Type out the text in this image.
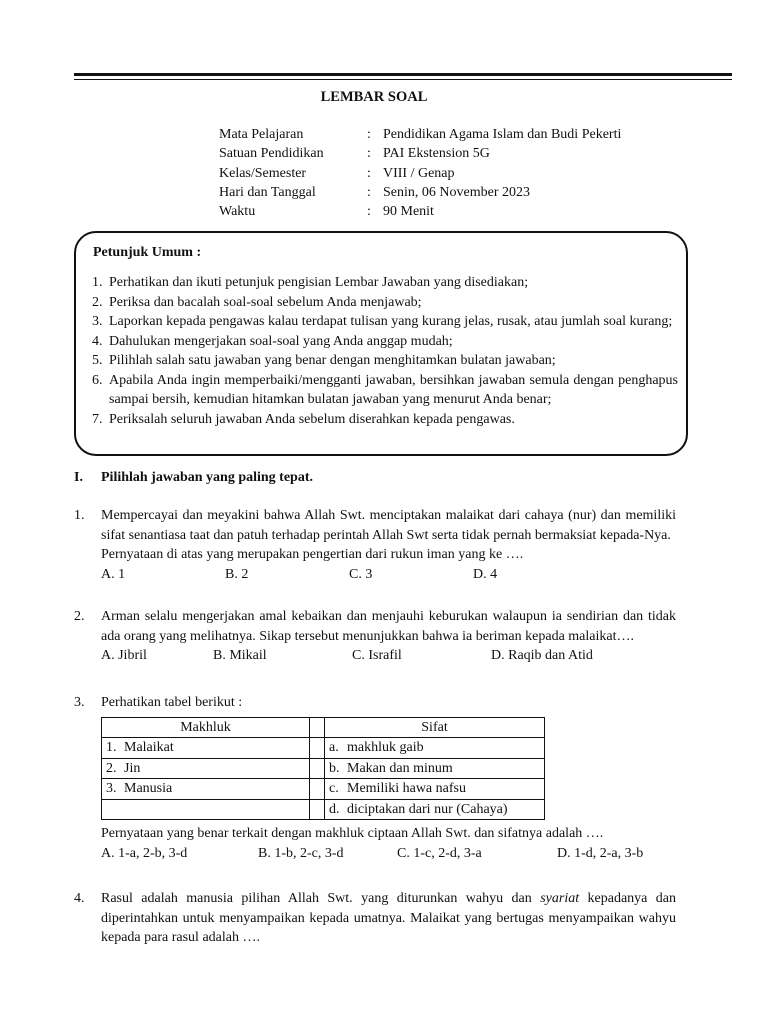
LEMBAR SOAL
Mata Pelajaran	: Pendidikan Agama Islam dan Budi Pekerti
Satuan Pendidikan	: PAI Ekstension 5G
Kelas/Semester	: VIII / Genap
Hari dan Tanggal	: Senin, 06 November 2023
Waktu	: 90 Menit
Petunjuk Umum :
1. Perhatikan dan ikuti petunjuk pengisian Lembar Jawaban yang disediakan;
2. Periksa dan bacalah soal-soal sebelum Anda menjawab;
3. Laporkan kepada pengawas kalau terdapat tulisan yang kurang jelas, rusak, atau jumlah soal kurang;
4. Dahulukan mengerjakan soal-soal yang Anda anggap mudah;
5. Pilihlah salah satu jawaban yang benar dengan menghitamkan bulatan jawaban;
6. Apabila Anda ingin memperbaiki/mengganti jawaban, bersihkan jawaban semula dengan penghapus sampai bersih, kemudian hitamkan bulatan jawaban yang menurut Anda benar;
7. Periksalah seluruh jawaban Anda sebelum diserahkan kepada pengawas.
I.	Pilihlah jawaban yang paling tepat.
1.	Mempercayai dan meyakini bahwa Allah Swt. menciptakan malaikat dari cahaya (nur) dan memiliki sifat senantiasa taat dan patuh terhadap perintah Allah Swt serta tidak pernah bermaksiat kepada-Nya.
Pernyataan di atas yang merupakan pengertian dari rukun iman yang ke ….
A. 1	B. 2	C. 3	D. 4
2.	Arman selalu mengerjakan amal kebaikan dan menjauhi keburukan walaupun ia sendirian dan tidak ada orang yang melihatnya. Sikap tersebut menunjukkan bahwa ia beriman kepada malaikat….
A. Jibril	B. Mikail	C. Israfil	D. Raqib dan Atid
3.	Perhatikan tabel berikut :
Makhluk		Sifat

1. Malaikat		a. makhluk gaib

2. Jin		b. Makan dan minum

3. Manusia		c. Memiliki hawa nafsu

		d. diciptakan dari nur (Cahaya)
Pernyataan yang benar terkait dengan makhluk ciptaan Allah Swt. dan sifatnya adalah ….
A. 1-a, 2-b, 3-d	B. 1-b, 2-c, 3-d	C. 1-c, 2-d, 3-a	D. 1-d, 2-a, 3-b
4.	Rasul adalah manusia pilihan Allah Swt. yang diturunkan wahyu dan syariat kepadanya dan diperintahkan untuk menyampaikan kepada umatnya. Malaikat yang bertugas menyampaikan wahyu kepada para rasul adalah ….
